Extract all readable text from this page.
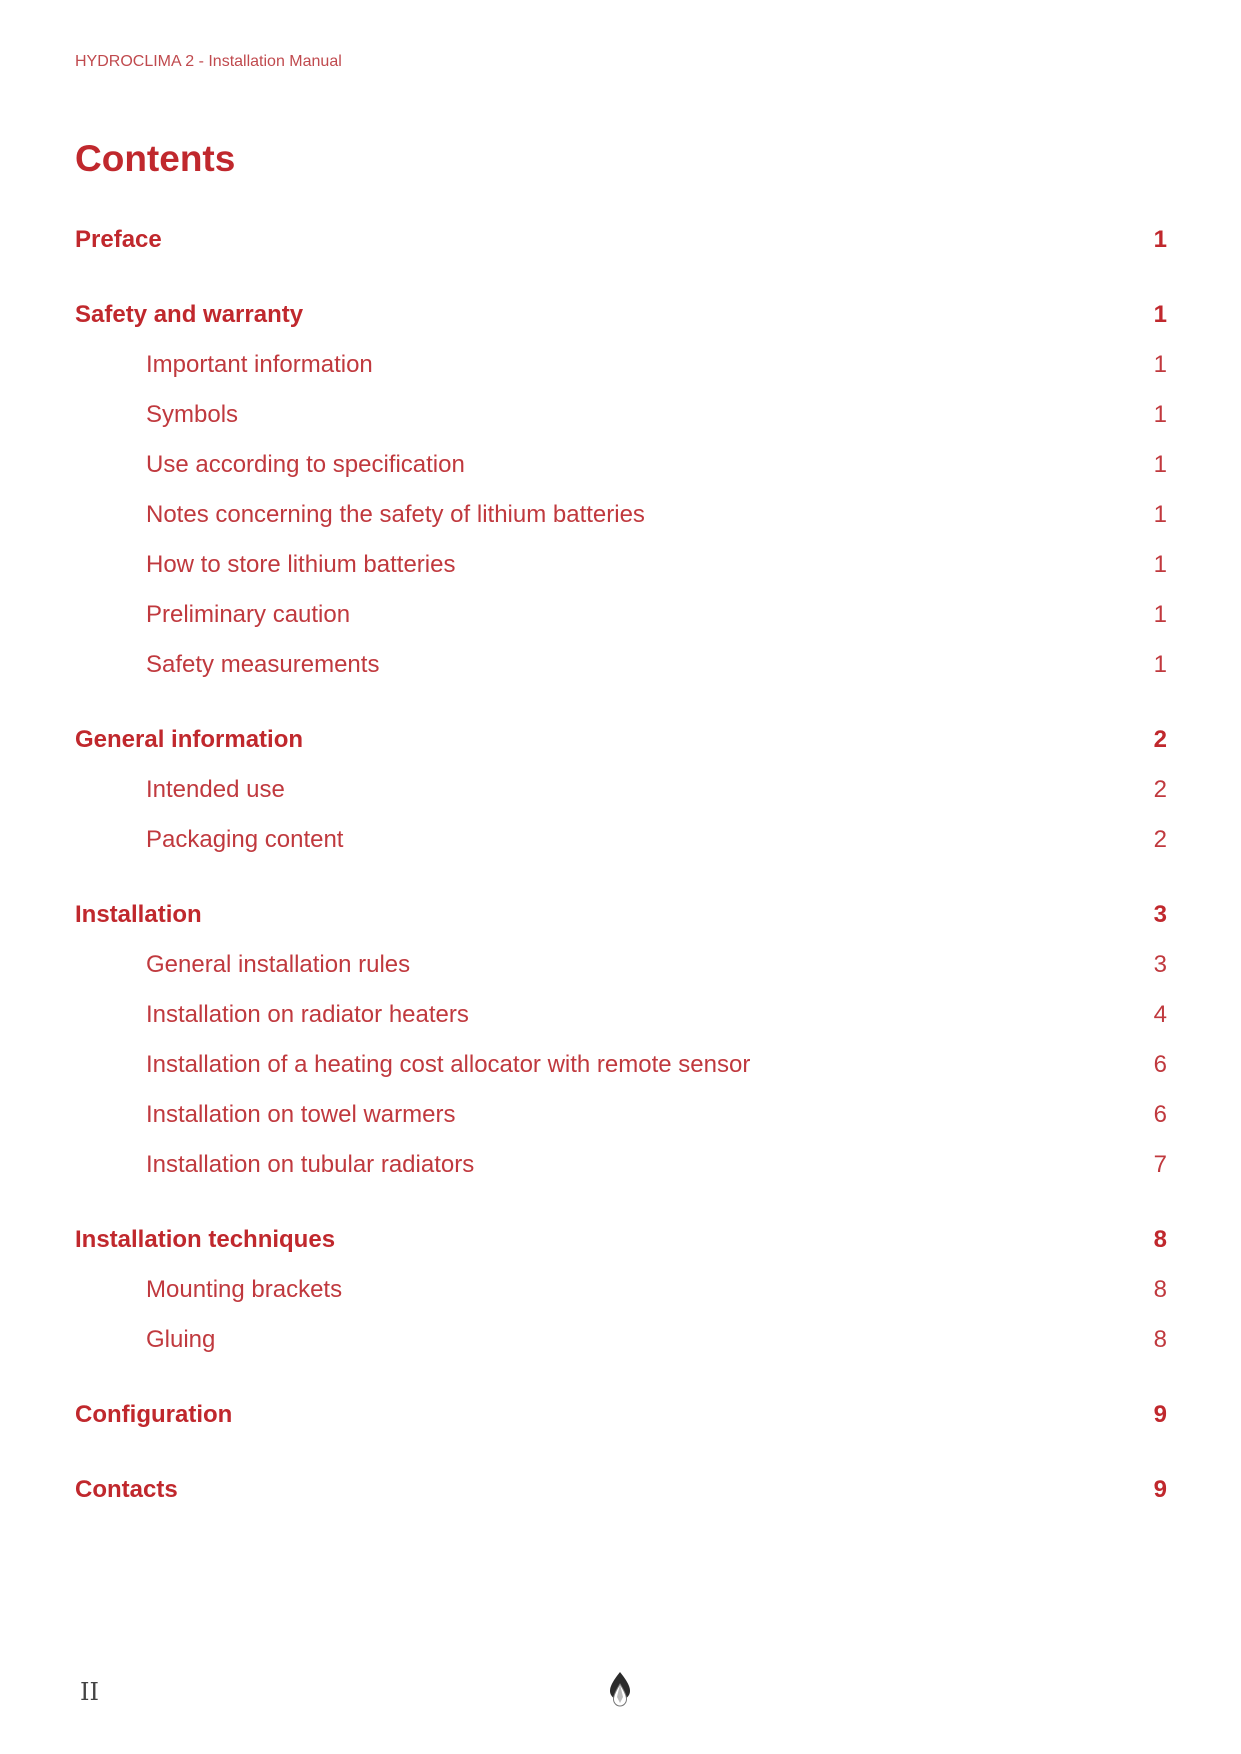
HYDROCLIMA 2 - Installation Manual
Contents
Preface	1
Safety and warranty	1
Important information	1
Symbols	1
Use according to specification	1
Notes concerning the safety of lithium batteries	1
How to store lithium batteries	1
Preliminary caution	1
Safety measurements	1
General information	2
Intended use	2
Packaging content	2
Installation	3
General installation rules	3
Installation on radiator heaters	4
Installation of a heating cost allocator with remote sensor	6
Installation on towel warmers	6
Installation on tubular radiators	7
Installation techniques	8
Mounting brackets	8
Gluing	8
Configuration	9
Contacts	9
II
